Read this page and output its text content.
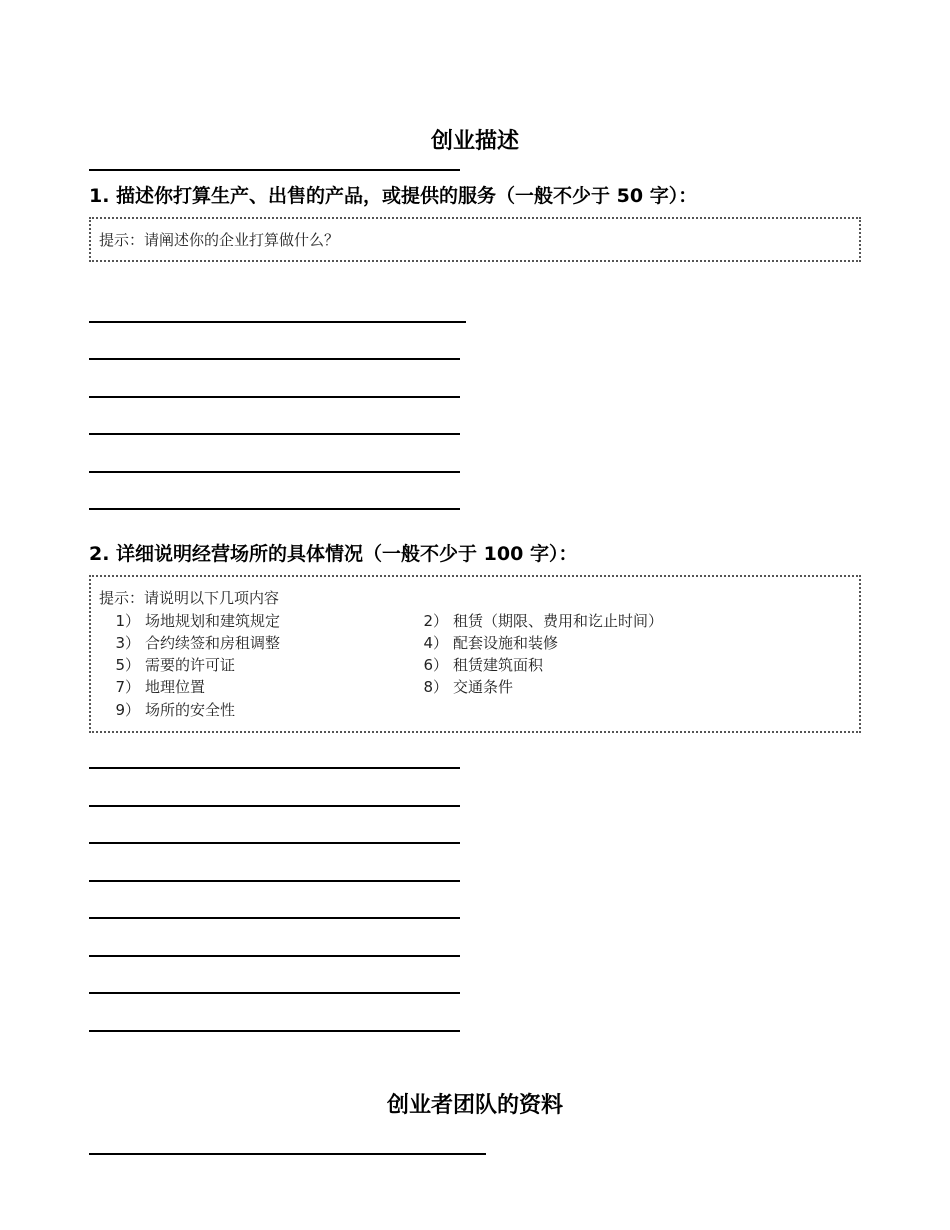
创业描述
1. 描述你打算生产、出售的产品，或提供的服务（一般不少于 50 字）：
提示：请阐述你的企业打算做什么？
2. 详细说明经营场所的具体情况（一般不少于 100 字）：
提示：请说明以下几项内容
1） 场地规划和建筑规定	2） 租赁（期限、费用和讫止时间）
3） 合约续签和房租调整	4） 配套设施和装修
5） 需要的许可证	6） 租赁建筑面积
7） 地理位置	8） 交通条件
9） 场所的安全性
创业者团队的资料
